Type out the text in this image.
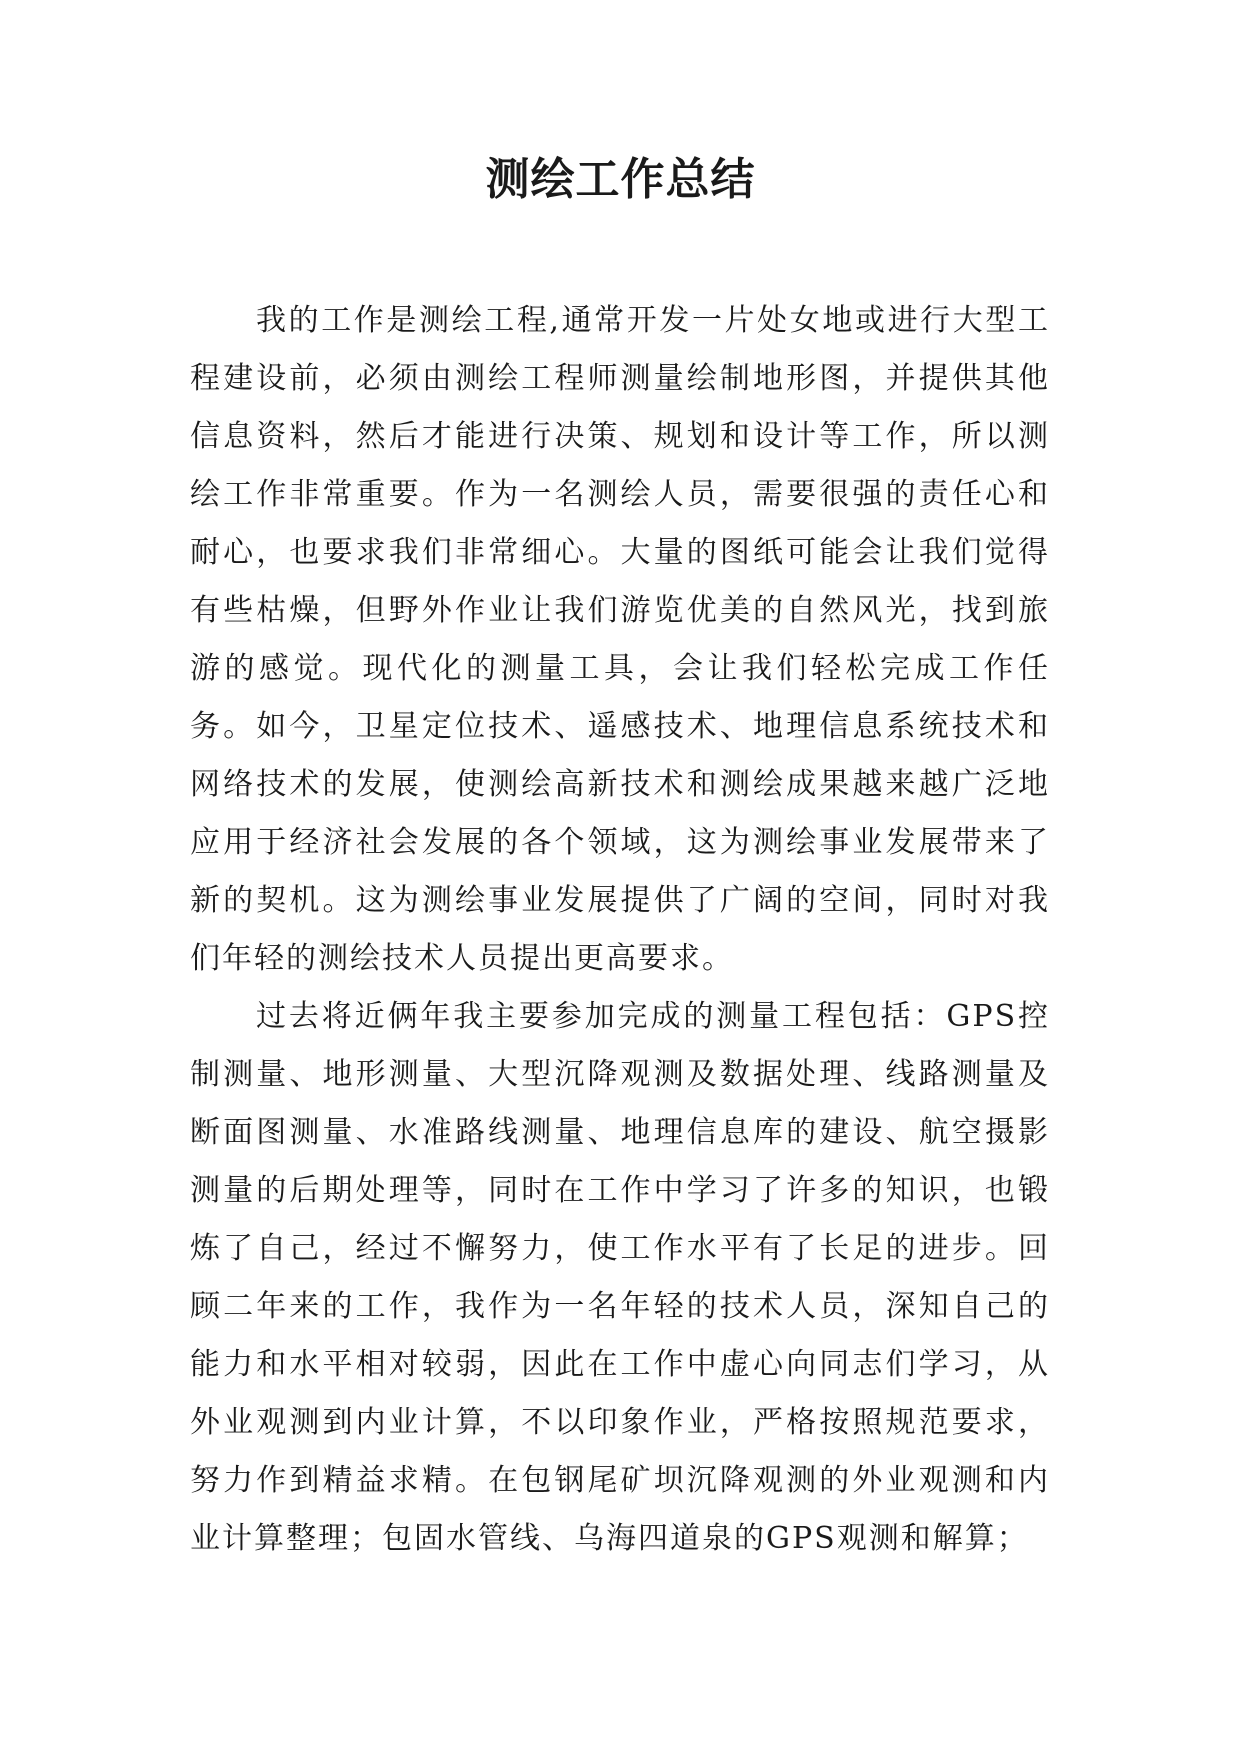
测绘工作总结

我的工作是测绘工程,通常开发一片处女地或进行大型工程建设前，必须由测绘工程师测量绘制地形图，并提供其他信息资料，然后才能进行决策、规划和设计等工作，所以测绘工作非常重要。作为一名测绘人员，需要很强的责任心和耐心，也要求我们非常细心。大量的图纸可能会让我们觉得有些枯燥，但野外作业让我们游览优美的自然风光，找到旅游的感觉。现代化的测量工具，会让我们轻松完成工作任务。如今，卫星定位技术、遥感技术、地理信息系统技术和网络技术的发展，使测绘高新技术和测绘成果越来越广泛地应用于经济社会发展的各个领域，这为测绘事业发展带来了新的契机。这为测绘事业发展提供了广阔的空间，同时对我们年轻的测绘技术人员提出更高要求。

过去将近俩年我主要参加完成的测量工程包括：GPS控制测量、地形测量、大型沉降观测及数据处理、线路测量及断面图测量、水准路线测量、地理信息库的建设、航空摄影测量的后期处理等，同时在工作中学习了许多的知识，也锻炼了自己，经过不懈努力，使工作水平有了长足的进步。回顾二年来的工作，我作为一名年轻的技术人员，深知自己的能力和水平相对较弱，因此在工作中虚心向同志们学习，从外业观测到内业计算，不以印象作业，严格按照规范要求，努力作到精益求精。在包钢尾矿坝沉降观测的外业观测和内业计算整理；包固水管线、乌海四道泉的GPS观测和解算；
